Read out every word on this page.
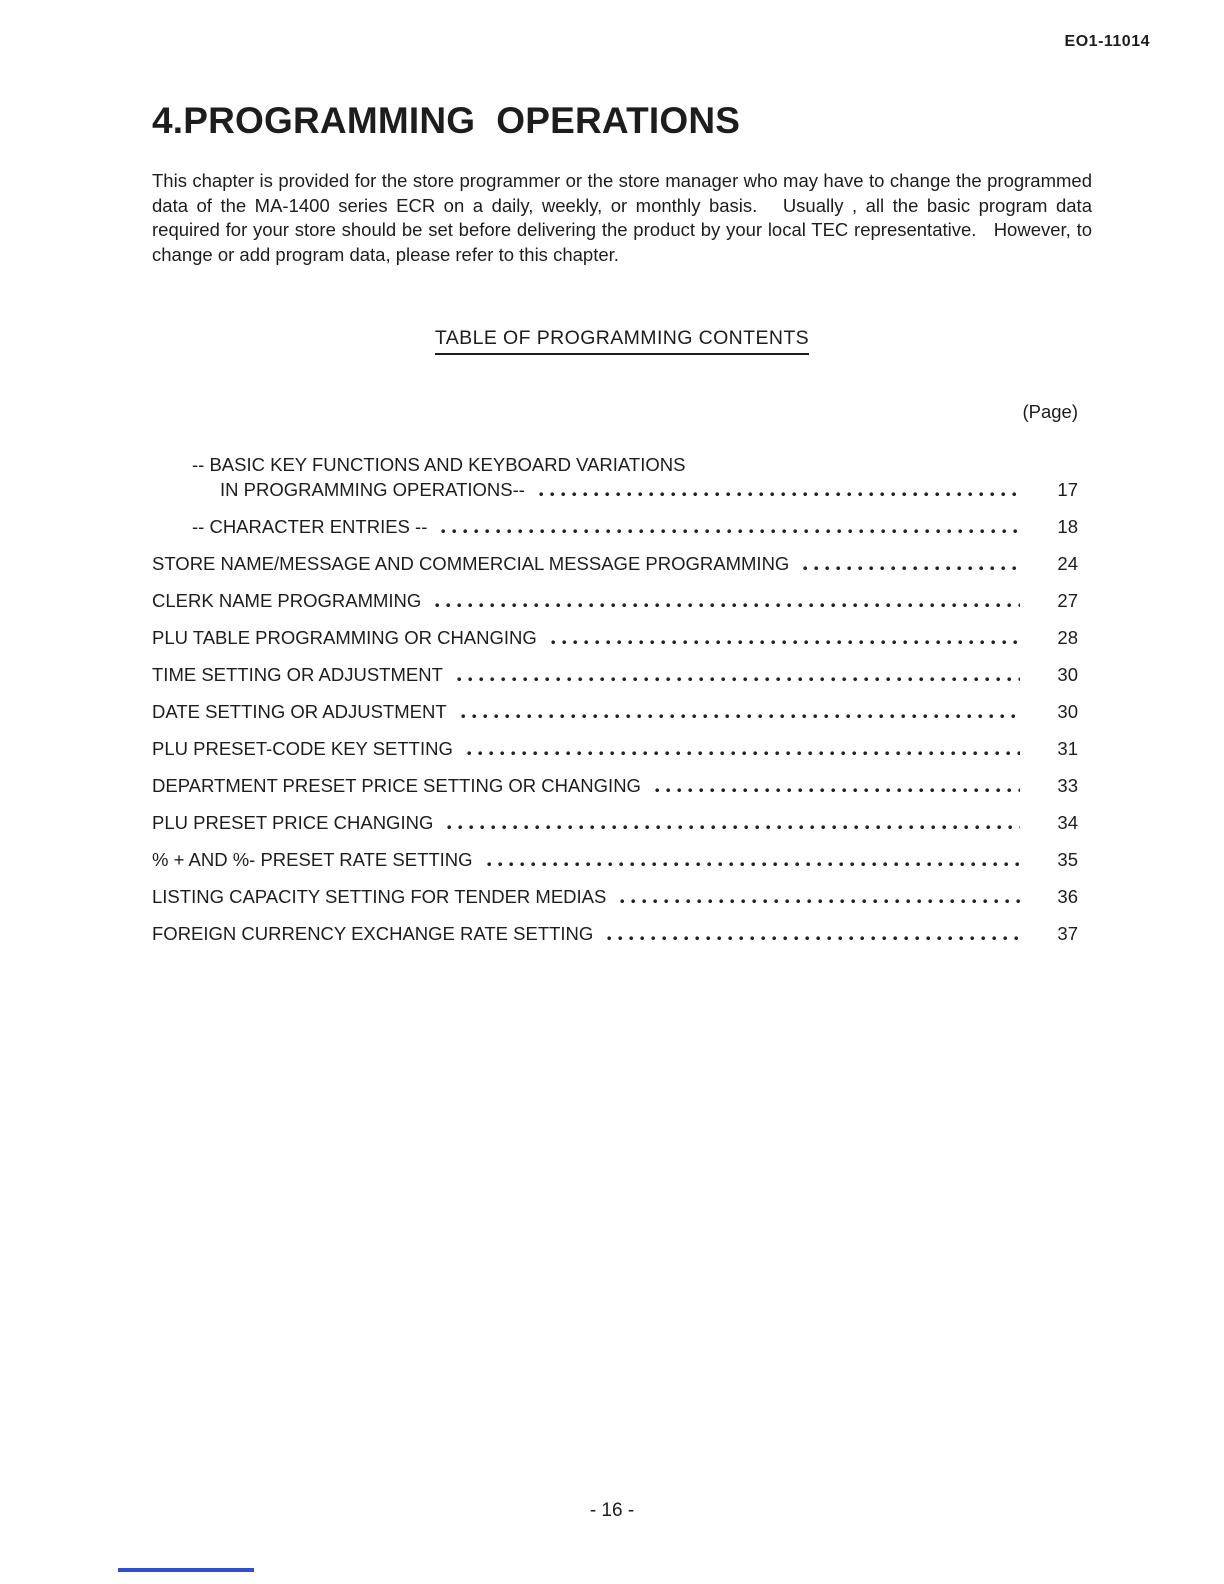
EO1-11014
4.PROGRAMMING  OPERATIONS

This chapter is provided for the store programmer or the store manager who may have to change the programmed data of the MA-1400 series ECR on a daily, weekly, or monthly basis.   Usually , all the basic program data required for your store should be set before delivering the product by your local TEC representative.   However, to change or add program data, please refer to this chapter.

TABLE OF PROGRAMMING CONTENTS
(Page)
-- BASIC KEY FUNCTIONS AND KEYBOARD VARIATIONS
IN PROGRAMMING OPERATIONS--	17
-- CHARACTER ENTRIES --	18
STORE NAME/MESSAGE AND COMMERCIAL MESSAGE PROGRAMMING	24
CLERK NAME PROGRAMMING	27
PLU TABLE PROGRAMMING OR CHANGING	28
TIME SETTING OR ADJUSTMENT	30
DATE SETTING OR ADJUSTMENT	30
PLU PRESET-CODE KEY SETTING	31
DEPARTMENT PRESET PRICE SETTING OR CHANGING	33
PLU PRESET PRICE CHANGING	34
% + AND %- PRESET RATE SETTING	35
LISTING CAPACITY SETTING FOR TENDER MEDIAS	36
FOREIGN CURRENCY EXCHANGE RATE SETTING	37
- 16 -
